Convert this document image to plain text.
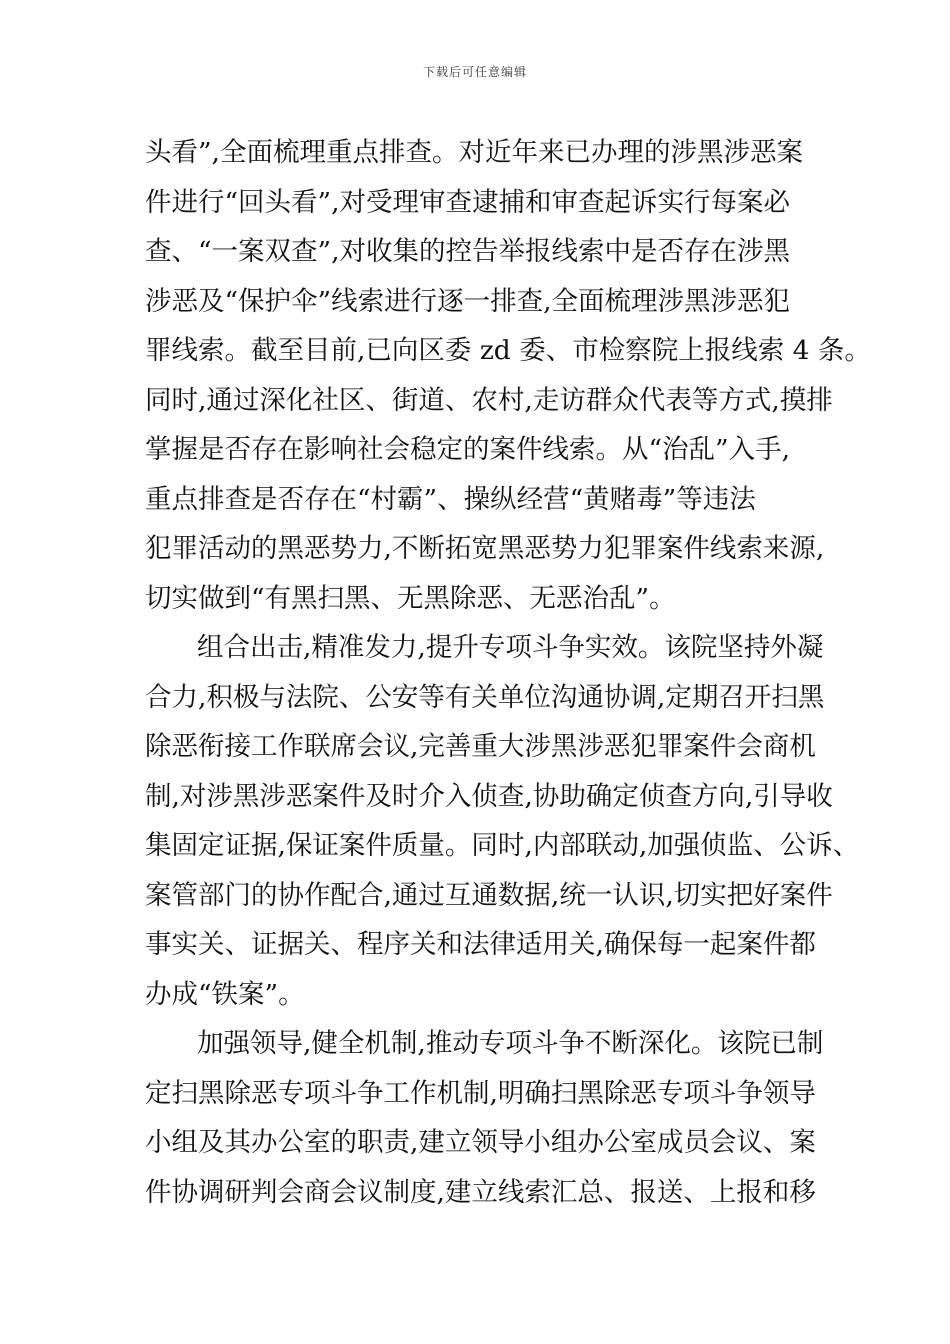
下载后可任意编辑
头看”,全面梳理重点排查。对近年来已办理的涉黑涉恶案
件进行“回头看”,对受理审查逮捕和审查起诉实行每案必
查、“一案双查”,对收集的控告举报线索中是否存在涉黑
涉恶及“保护伞”线索进行逐一排查,全面梳理涉黑涉恶犯
罪线索。截至目前,已向区委 zd 委、市检察院上报线索 4 条。
同时,通过深化社区、街道、农村,走访群众代表等方式,摸排
掌握是否存在影响社会稳定的案件线索。从“治乱”入手,
重点排查是否存在“村霸”、操纵经营“黄赌毒”等违法
犯罪活动的黑恶势力,不断拓宽黑恶势力犯罪案件线索来源,
切实做到“有黑扫黑、无黑除恶、无恶治乱”。
组合出击,精准发力,提升专项斗争实效。该院坚持外凝
合力,积极与法院、公安等有关单位沟通协调,定期召开扫黑
除恶衔接工作联席会议,完善重大涉黑涉恶犯罪案件会商机
制,对涉黑涉恶案件及时介入侦查,协助确定侦查方向,引导收
集固定证据,保证案件质量。同时,内部联动,加强侦监、公诉、
案管部门的协作配合,通过互通数据,统一认识,切实把好案件
事实关、证据关、程序关和法律适用关,确保每一起案件都
办成“铁案”。
加强领导,健全机制,推动专项斗争不断深化。该院已制
定扫黑除恶专项斗争工作机制,明确扫黑除恶专项斗争领导
小组及其办公室的职责,建立领导小组办公室成员会议、案
件协调研判会商会议制度,建立线索汇总、报送、上报和移
